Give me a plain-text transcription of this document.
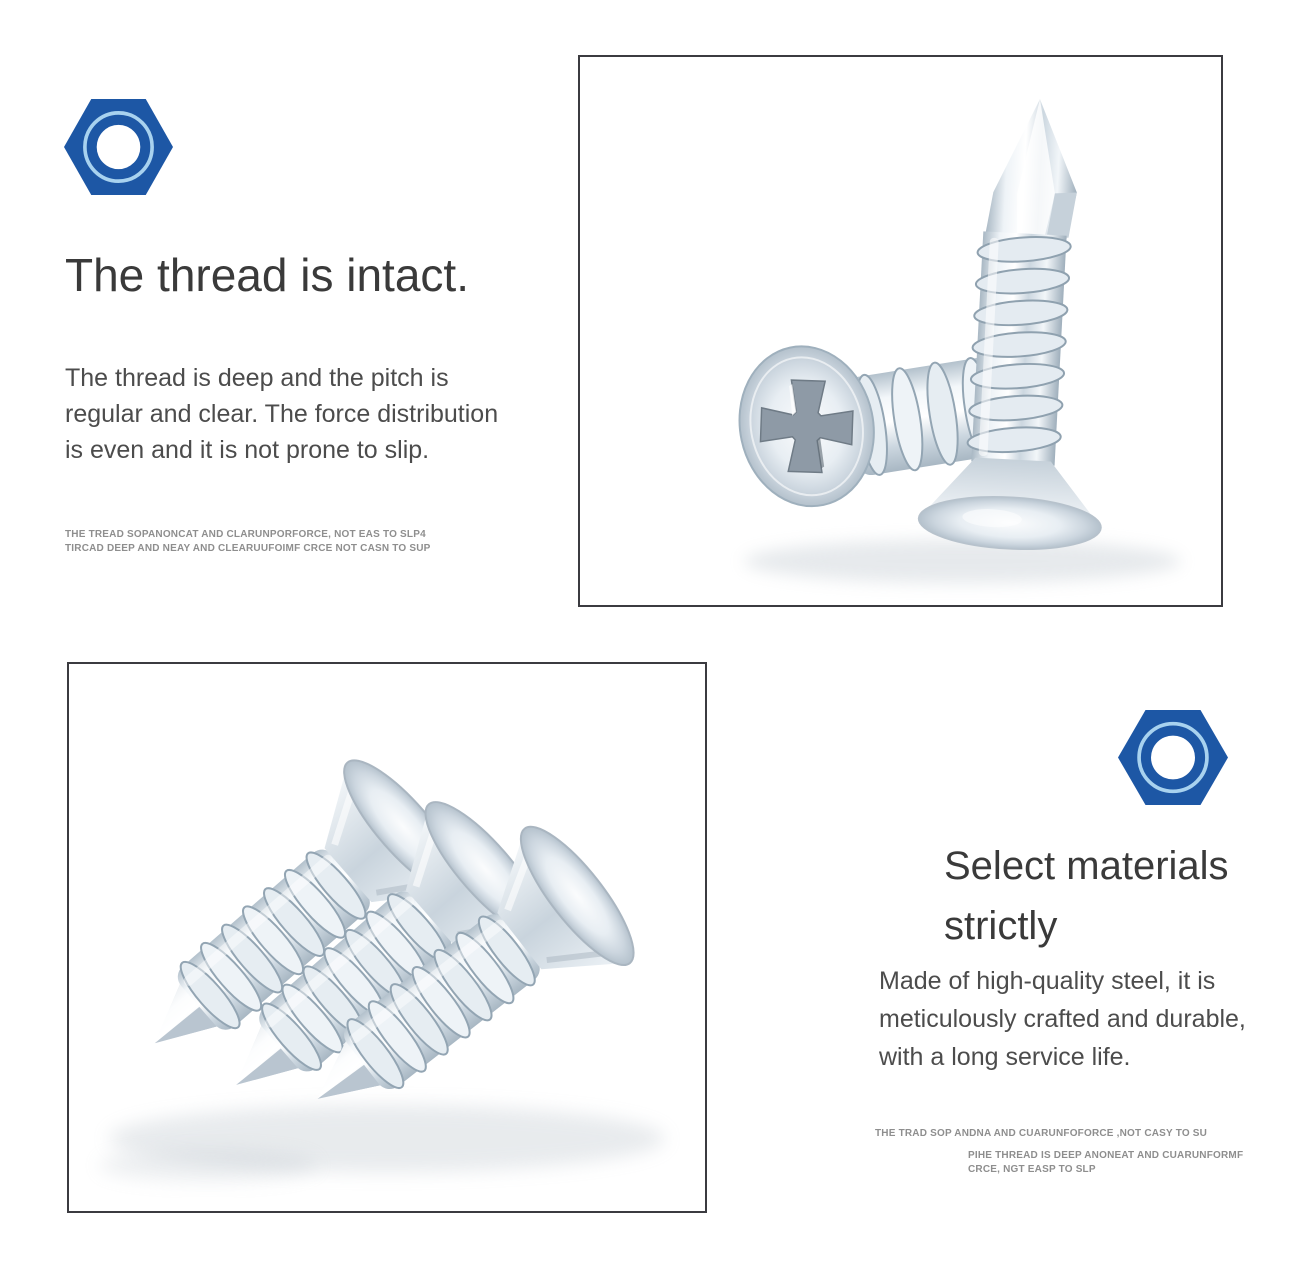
The thread is intact.
The thread is deep and the pitch is
regular and clear. The force distribution
is even and it is not prone to slip.
THE TREAD SOPANONCAT AND CLARUNPORFORCE, NOT EAS TO SLP4
TIRCAD DEEP AND NEAY AND CLEARUUFOIMF CRCE NOT CASN TO SUP
Select materials
strictly
Made of high-quality steel, it is
meticulously crafted and durable,
with a long service life.
THE TRAD SOP ANDNA AND CUARUNFOFORCE ,NOT CASY TO SU
PIHE THREAD IS DEEP ANONEAT AND CUARUNFORMF CRCE, NGT EASP TO SLP
